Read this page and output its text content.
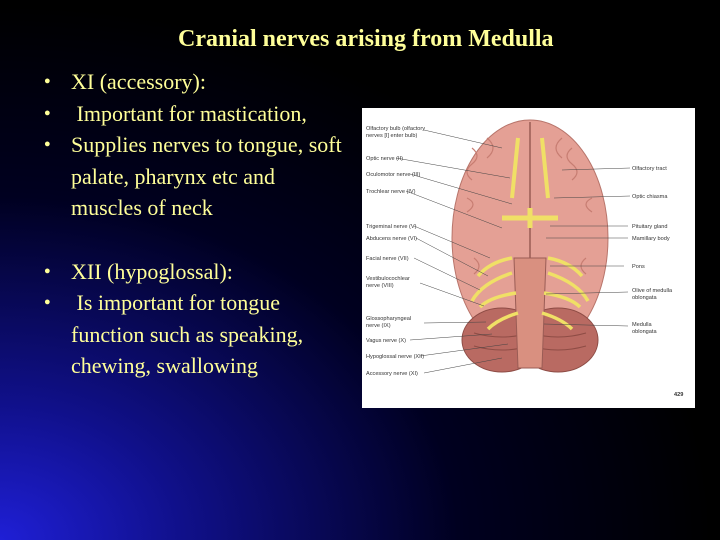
Cranial nerves arising from Medulla
● XI (accessory):
● Important for mastication,
● Supplies nerves to tongue, soft palate, pharynx etc and muscles of neck
● XII (hypoglossal):
● Is important for tongue function such as speaking, chewing, swallowing
Olfactory bulb (olfactory
nerves [I] enter bulb)
Optic nerve (II)
Oculomotor nerve (III)
Trochlear nerve (IV)
Trigeminal nerve (V)
Abducens nerve (VI)
Facial nerve (VII)
Vestibulocochlear
nerve (VIII)
Glossopharyngeal
nerve (IX)
Vagus nerve (X)
Hypoglossal nerve (XII)
Accessory nerve (XI)
Olfactory tract
Optic chiasma
Pituitary gland
Mamillary body
Pons
Olive of medulla
oblongata
Medulla
oblongata
429
